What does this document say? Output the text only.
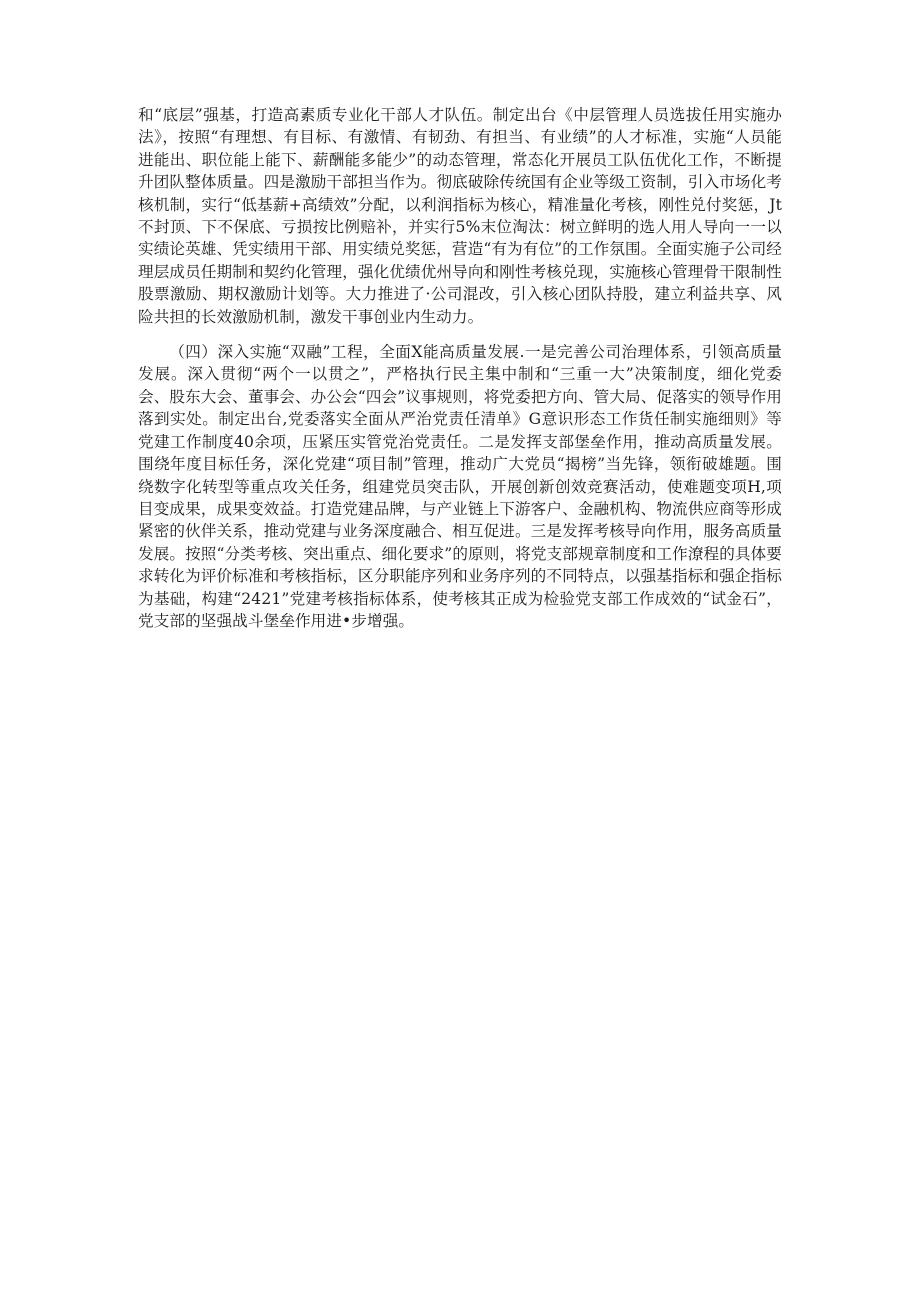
和“底层”强基，打造高素质专业化干部人才队伍。制定出台《中层管理人员选拔任用实施办法》，按照“有理想、有目标、有激情、有韧劲、有担当、有业绩”的人才标准，实施“人员能进能出、职位能上能下、薪酬能多能少”的动态管理，常态化开展员工队伍优化工作，不断提升团队整体质量。四是激励干部担当作为。彻底破除传统国有企业等级工资制，引入市场化考核机制，实行“低基薪+高绩效”分配，以利润指标为核心，精准量化考核，刚性兑付奖惩，Jt不封顶、下不保底、亏损按比例赔补，并实行5%末位淘汰：树立鲜明的选人用人导向一一以实绩论英雄、凭实绩用干部、用实绩兑奖惩，营造“有为有位”的工作氛围。全面实施子公司经理层成员任期制和契约化管理，强化优绩优州导向和刚性考核兑现，实施核心管理骨干限制性股票激励、期权激励计划等。大力推进了·公司混改，引入核心团队持股，建立利益共享、风险共担的长效激励机制，激发干事创业内生动力。

（四）深入实施“双融”工程，全面X能高质量发展.一是完善公司治理体系，引领高质量发展。深入贯彻“两个一以贯之”，严格执行民主集中制和“三重一大”决策制度，细化党委会、股东大会、董事会、办公会“四会”议事规则，将党委把方向、管大局、促落实的领导作用落到实处。制定出台,党委落实全面从严治党责任清单》G意识形态工作货任制实施细则》等党建工作制度40余项，压紧压实管党治党责任。二是发挥支部堡垒作用，推动高质量发展。围绕年度目标任务，深化党建“项目制”管理，推动广大党员“揭榜”当先锋，领衔破雄题。围绕数字化转型等重点攻关任务，组建党员突击队，开展创新创效竞赛活动，使难题变项H,项目变成果，成果变效益。打造党建品牌，与产业链上下游客户、金融机构、物流供应商等形成紧密的伙伴关系，推动党建与业务深度融合、相互促进。三是发挥考核导向作用，服务高质量发展。按照“分类考核、突出重点、细化要求”的原则，将党支部规章制度和工作潦程的具体要求转化为评价标准和考核指标，区分职能序列和业务序列的不同特点，以强基指标和强企指标为基础，构建“2421”党建考核指标体系，使考核其正成为检验党支部工作成效的“试金石”，党支部的坚强战斗堡垒作用进•步增强。
